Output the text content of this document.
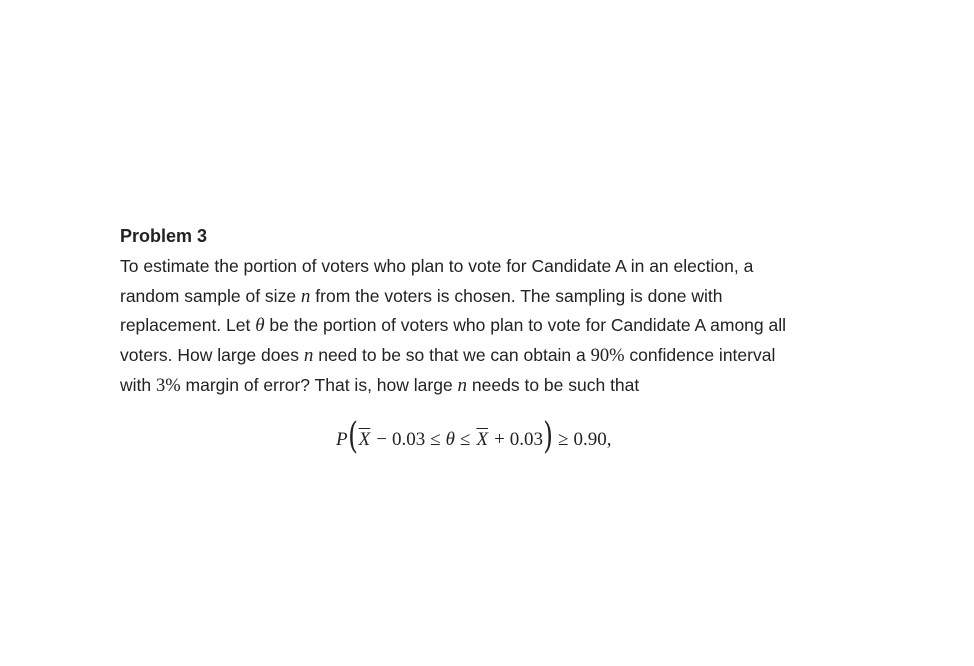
Problem 3
To estimate the portion of voters who plan to vote for Candidate A in an election, a
random sample of size n from the voters is chosen. The sampling is done with
replacement. Let θ be the portion of voters who plan to vote for Candidate A among all
voters. How large does n need to be so that we can obtain a 90% confidence interval
with 3% margin of error? That is, how large n needs to be such that
P ( $\overline{X} - 0.03 \le \theta \le \overline{X} + 0.03$ ) ≥ 0.90,
